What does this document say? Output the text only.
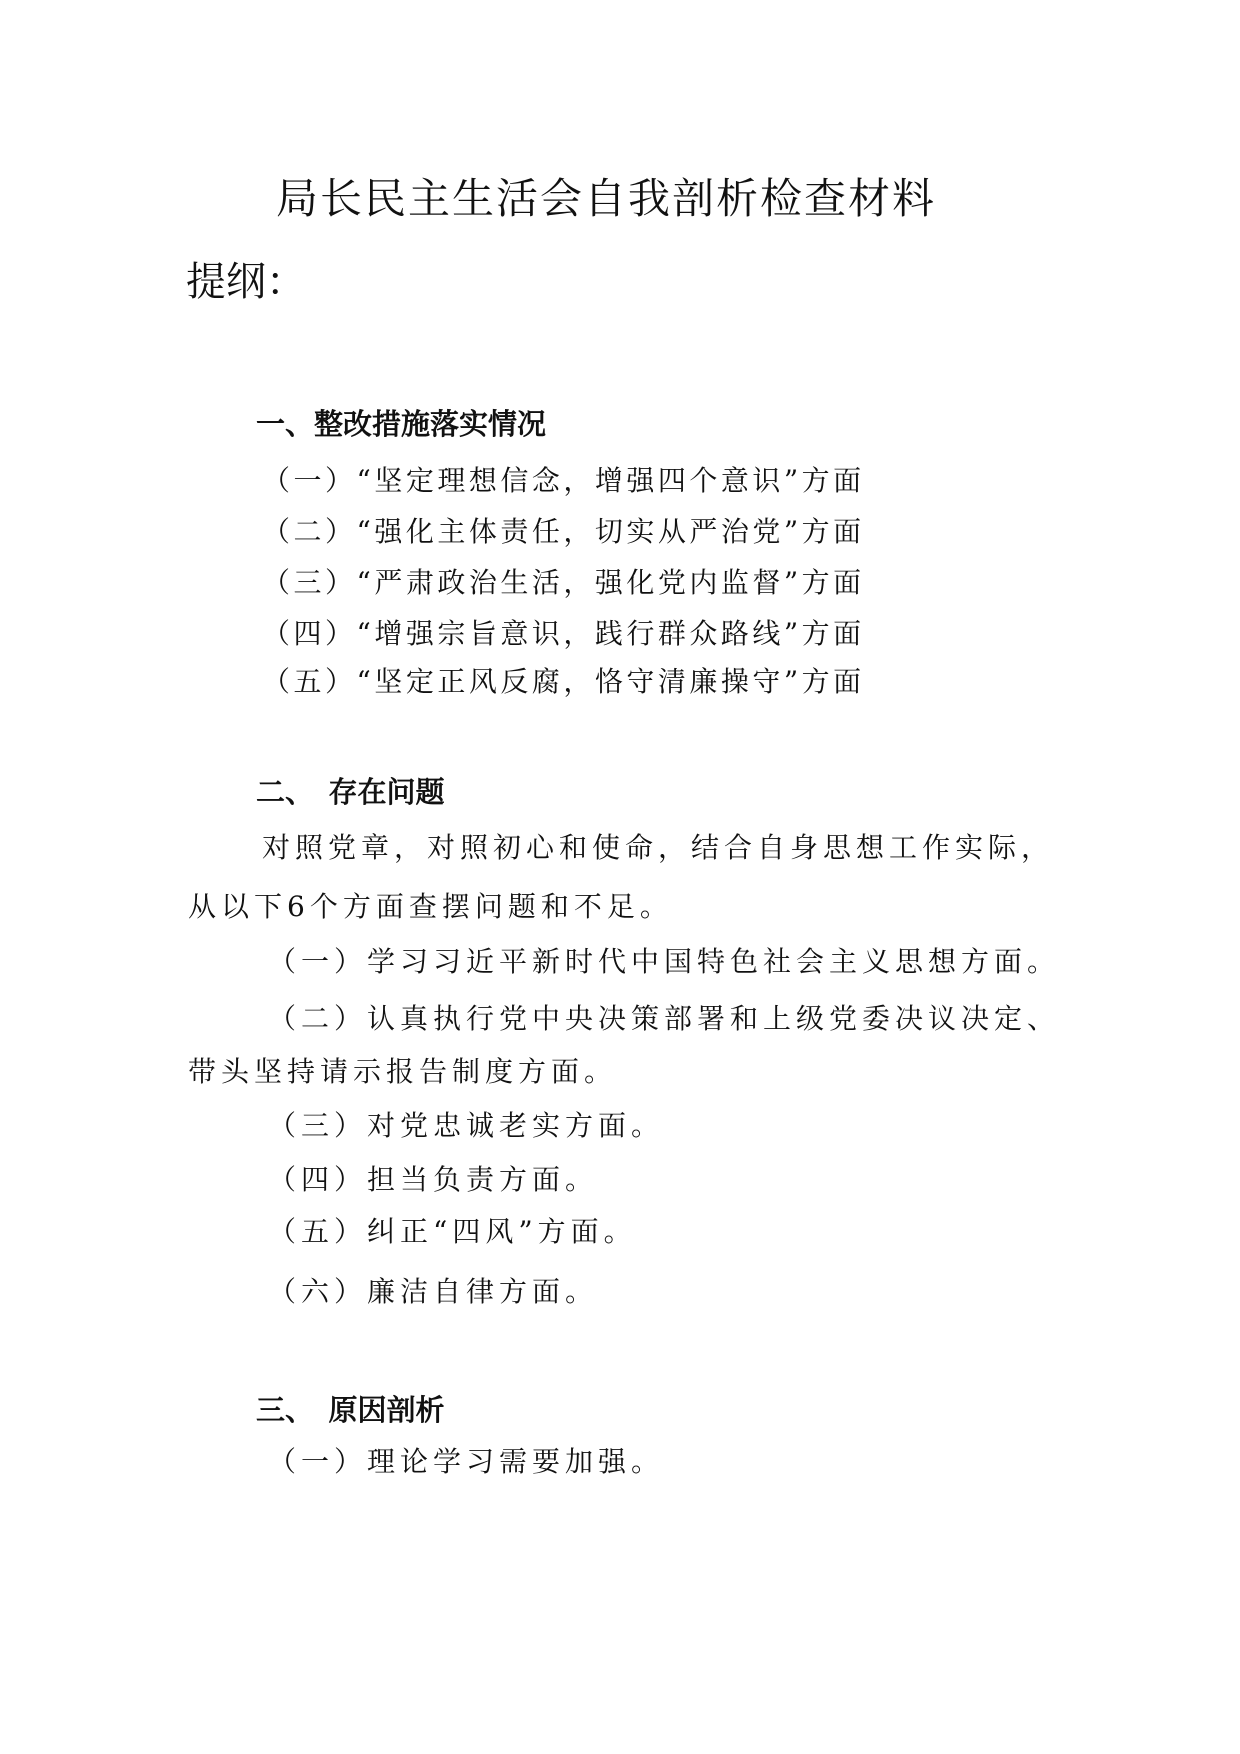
局长民主生活会自我剖析检查材料
提纲：
一、整改措施落实情况
（一）“坚定理想信念，增强四个意识”方面
（二）“强化主体责任，切实从严治党”方面
（三）“严肃政治生活，强化党内监督”方面
（四）“增强宗旨意识，践行群众路线”方面
（五）“坚定正风反腐，恪守清廉操守”方面
二、　存在问题
对照党章，对照初心和使命，结合自身思想工作实际，
从以下6个方面查摆问题和不足。
（一）学习习近平新时代中国特色社会主义思想方面。
（二）认真执行党中央决策部署和上级党委决议决定、
带头坚持请示报告制度方面。
（三）对党忠诚老实方面。
（四）担当负责方面。
（五）纠正“四风”方面。
（六）廉洁自律方面。
三、　原因剖析
（一）理论学习需要加强。
